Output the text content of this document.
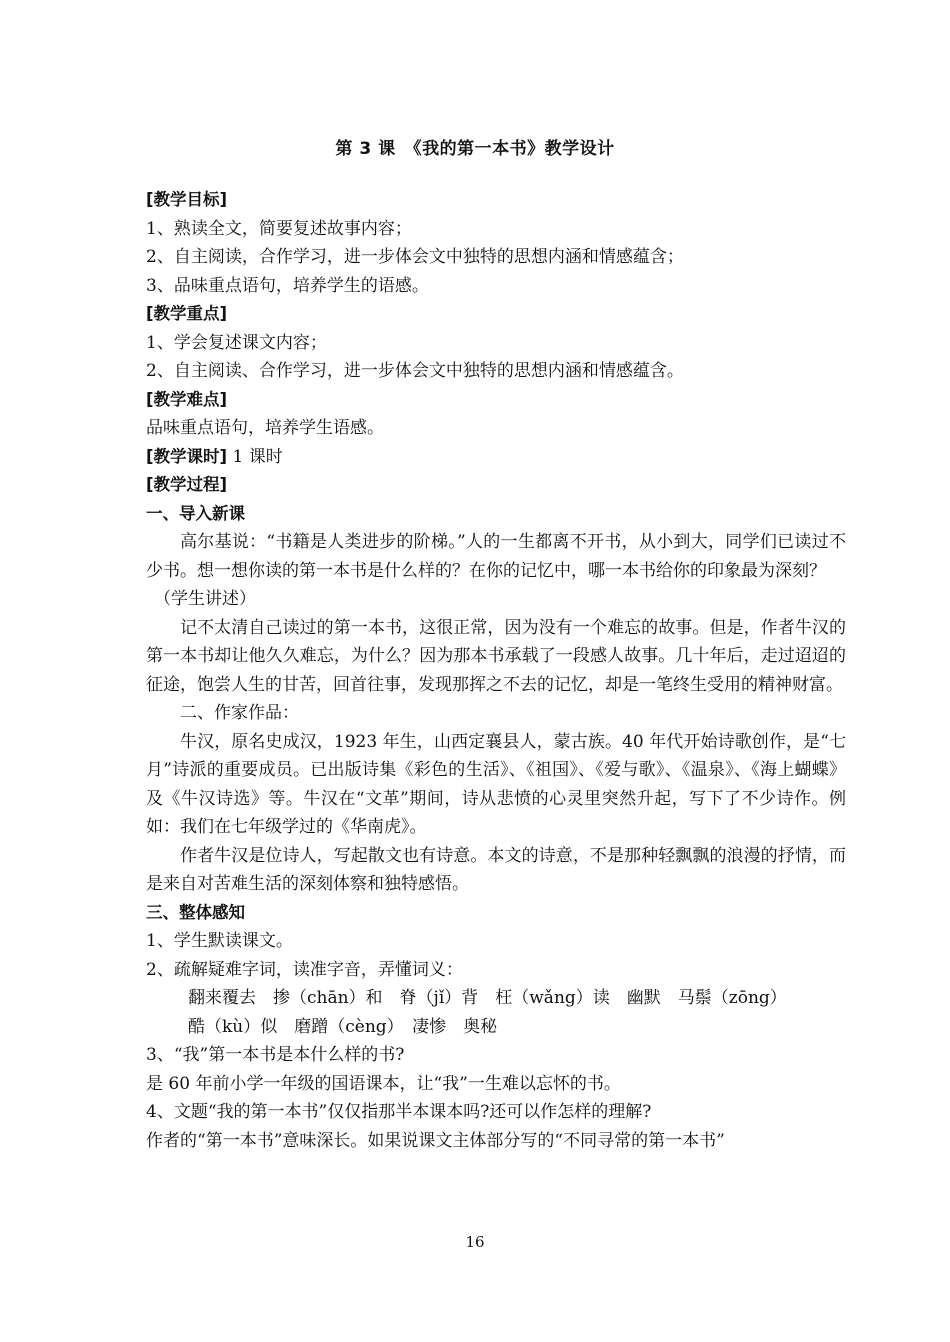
第 3 课　《我的第一本书》教学设计

[教学目标]

1、熟读全文，简要复述故事内容；

2、自主阅读，合作学习，进一步体会文中独特的思想内涵和情感蕴含；

3、品味重点语句，培养学生的语感。

[教学重点]

1、学会复述课文内容；

2、自主阅读、合作学习，进一步体会文中独特的思想内涵和情感蕴含。

[教学难点]

品味重点语句，培养学生语感。

[教学课时] 1 课时

[教学过程]

一、导入新课

高尔基说：“书籍是人类进步的阶梯。”人的一生都离不开书，从小到大，同学们已读过不少书。想一想你读的第一本书是什么样的？在你的记忆中，哪一本书给你的印象最为深刻？

（学生讲述）

记不太清自己读过的第一本书，这很正常，因为没有一个难忘的故事。但是，作者牛汉的第一本书却让他久久难忘，为什么？因为那本书承载了一段感人故事。几十年后，走过迢迢的征途，饱尝人生的甘苦，回首往事，发现那挥之不去的记忆，却是一笔终生受用的精神财富。

二、作家作品：

牛汉，原名史成汉，1923 年生，山西定襄县人，蒙古族。40 年代开始诗歌创作，是“七月”诗派的重要成员。已出版诗集《彩色的生活》、《祖国》、《爱与歌》、《温泉》、《海上蝴蝶》及《牛汉诗选》等。牛汉在“文革”期间，诗从悲愤的心灵里突然升起，写下了不少诗作。例如：我们在七年级学过的《华南虎》。

作者牛汉是位诗人，写起散文也有诗意。本文的诗意，不是那种轻飘飘的浪漫的抒情，而是来自对苦难生活的深刻体察和独特感悟。

三、整体感知

1、学生默读课文。

2、疏解疑难字词，读准字音，弄懂词义：

翻来覆去　掺（chān）和　脊（jǐ）背　枉（wǎng）读　幽默　马鬃（zōng）

酷（kù）似　磨蹭（cèng）　凄惨　奥秘

3、“我”第一本书是本什么样的书?

是 60 年前小学一年级的国语课本，让“我”一生难以忘怀的书。

4、文题“我的第一本书”仅仅指那半本课本吗?还可以作怎样的理解?

作者的“第一本书”意味深长。如果说课文主体部分写的“不同寻常的第一本书”

16
